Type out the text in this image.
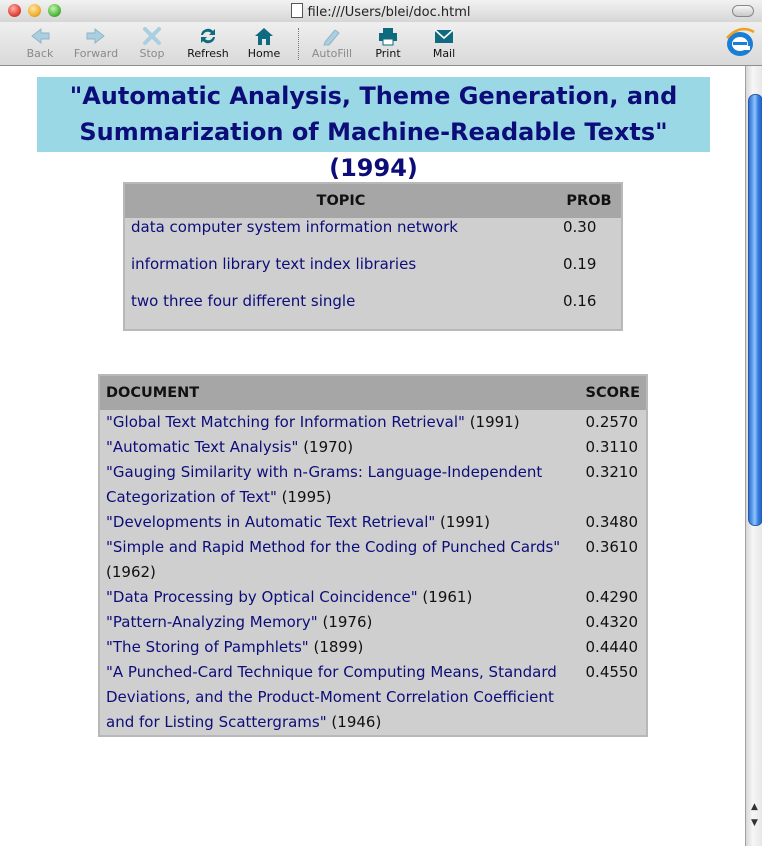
file:///Users/blei/doc.html
Back	Forward	Stop	Refresh	Home	AutoFill	Print	Mail
"Automatic Analysis, Theme Generation, and
Summarization of Machine-Readable Texts" (1994)
TOPIC	PROB
data computer system information network	0.30
information library text index libraries	0.19
two three four different single	0.16
DOCUMENT	SCORE
"Global Text Matching for Information Retrieval" (1991)	0.2570
"Automatic Text Analysis" (1970)	0.3110
"Gauging Similarity with n-Grams: Language-Independent Categorization of Text" (1995)	0.3210
"Developments in Automatic Text Retrieval" (1991)	0.3480
"Simple and Rapid Method for the Coding of Punched Cards" (1962)	0.3610
"Data Processing by Optical Coincidence" (1961)	0.4290
"Pattern-Analyzing Memory" (1976)	0.4320
"The Storing of Pamphlets" (1899)	0.4440
"A Punched-Card Technique for Computing Means, Standard Deviations, and the Product-Moment Correlation Coefficient and for Listing Scattergrams" (1946)	0.4550
▲
▼
